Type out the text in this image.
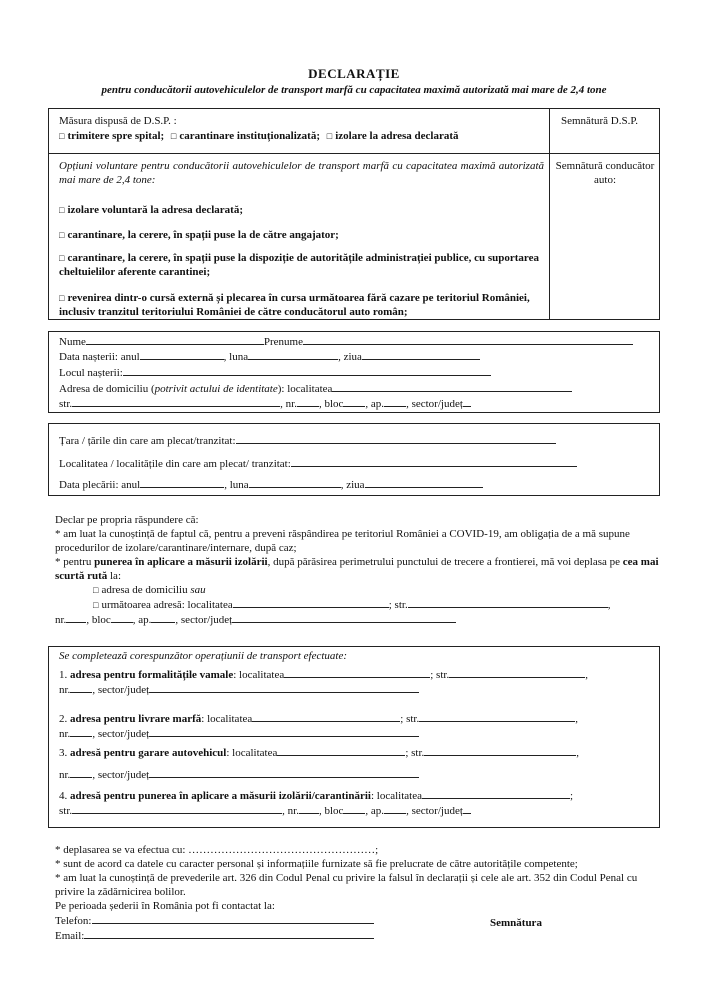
DECLARAȚIE
pentru conducătorii autovehiculelor de transport marfă cu capacitatea maximă autorizată mai mare de 2,4 tone
Măsura dispusă de D.S.P. :
□ trimitere spre spital; □ carantinare instituționalizată; □ izolare la adresa declarată
Semnătură D.S.P.
Opțiuni voluntare pentru conducătorii autovehiculelor de transport marfă cu capacitatea maximă autorizată mai mare de 2,4 tone:
□ izolare voluntară la adresa declarată;
□ carantinare, la cerere, în spații puse la de către angajator;
□ carantinare, la cerere, în spații puse la dispoziție de autoritățile administrației publice, cu suportarea cheltuielilor aferente carantinei;
□ revenirea dintr-o cursă externă și plecarea în cursa următoarea fără cazare pe teritoriul României, inclusiv tranzitul teritoriului României de către conducătorul auto român;
Semnătură conducător auto:
Nume	Prenume
Data nașterii: anul	, luna	, ziua
Locul nașterii:
Adresa de domiciliu (potrivit actului de identitate): localitatea
str.	, nr. , bloc , ap. , sector/județ
Țara / țările din care am plecat/tranzitat:
Localitatea / localitățile din care am plecat/ tranzitat:
Data plecării: anul	, luna	, ziua
Declar pe propria răspundere că:
* am luat la cunoștință de faptul că, pentru a preveni răspândirea pe teritoriul României a COVID-19, am obligația de a mă supune procedurilor de izolare/carantinare/internare, după caz;
* pentru punerea în aplicare a măsurii izolării, după părăsirea perimetrului punctului de trecere a frontierei, mă voi deplasa pe cea mai scurtă rută la:
□ adresa de domiciliu sau
□ următoarea adresă: localitatea	; str.	,
nr. , bloc , ap. , sector/județ
Se completează corespunzător operațiunii de transport efectuate:
1. adresa pentru formalitățile vamale: localitatea	; str.	,
nr. , sector/județ
2. adresa pentru livrare marfă: localitatea	; str.	,
nr. , sector/județ
3. adresă pentru garare autovehicul: localitatea	; str.	,
nr. , sector/județ
4. adresă pentru punerea în aplicare a măsurii izolării/carantinării: localitatea	;
str.	, nr. , bloc , ap. , sector/județ
* deplasarea se va efectua cu: ……………………………………………;
* sunt de acord ca datele cu caracter personal și informațiile furnizate să fie prelucrate de către autoritățile competente;
* am luat la cunoștință de prevederile art. 326 din Codul Penal cu privire la falsul în declarații și cele ale art. 352 din Codul Penal cu privire la zădărnicirea bolilor.
Pe perioada șederii în România pot fi contactat la:
Telefon:
Email:
Semnătura
